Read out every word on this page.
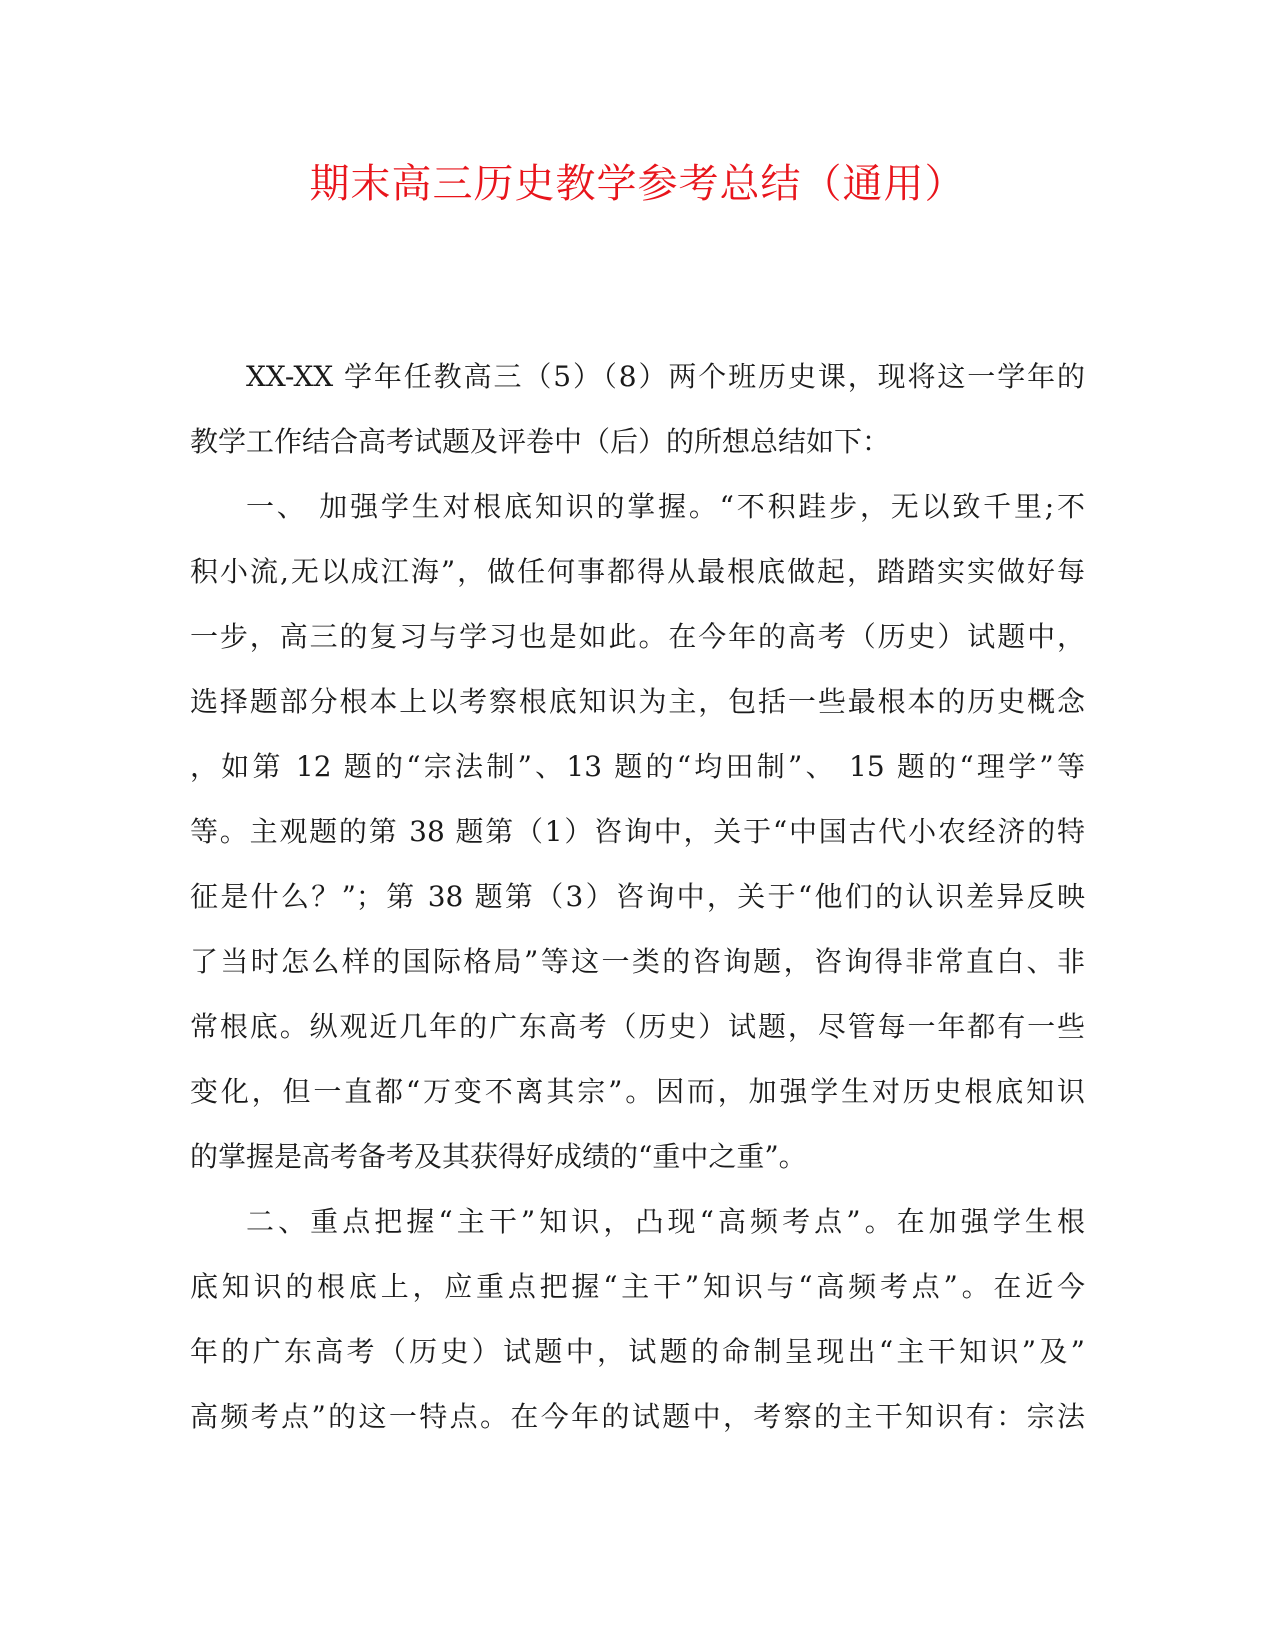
期末高三历史教学参考总结（通用）
XX-XX 学年任教高三（5）（8）两个班历史课，现将这一学年的
教学工作结合高考试题及评卷中（后）的所想总结如下：
一、 加强学生对根底知识的掌握。“不积跬步，无以致千里;不
积小流,无以成江海”，做任何事都得从最根底做起，踏踏实实做好每
一步，高三的复习与学习也是如此。在今年的高考（历史）试题中，
选择题部分根本上以考察根底知识为主，包括一些最根本的历史概念
，如第 12 题的“宗法制”、13 题的“均田制”、 15 题的“理学”等
等。主观题的第 38 题第（1）咨询中，关于“中国古代小农经济的特
征是什么？”；第 38 题第（3）咨询中，关于“他们的认识差异反映
了当时怎么样的国际格局”等这一类的咨询题，咨询得非常直白、非
常根底。纵观近几年的广东高考（历史）试题，尽管每一年都有一些
变化，但一直都“万变不离其宗”。因而，加强学生对历史根底知识
的掌握是高考备考及其获得好成绩的“重中之重”。
二、重点把握“主干”知识，凸现“高频考点”。在加强学生根
底知识的根底上，应重点把握“主干”知识与“高频考点”。在近今
年的广东高考（历史）试题中，试题的命制呈现出“主干知识”及”
高频考点”的这一特点。在今年的试题中，考察的主干知识有：宗法
